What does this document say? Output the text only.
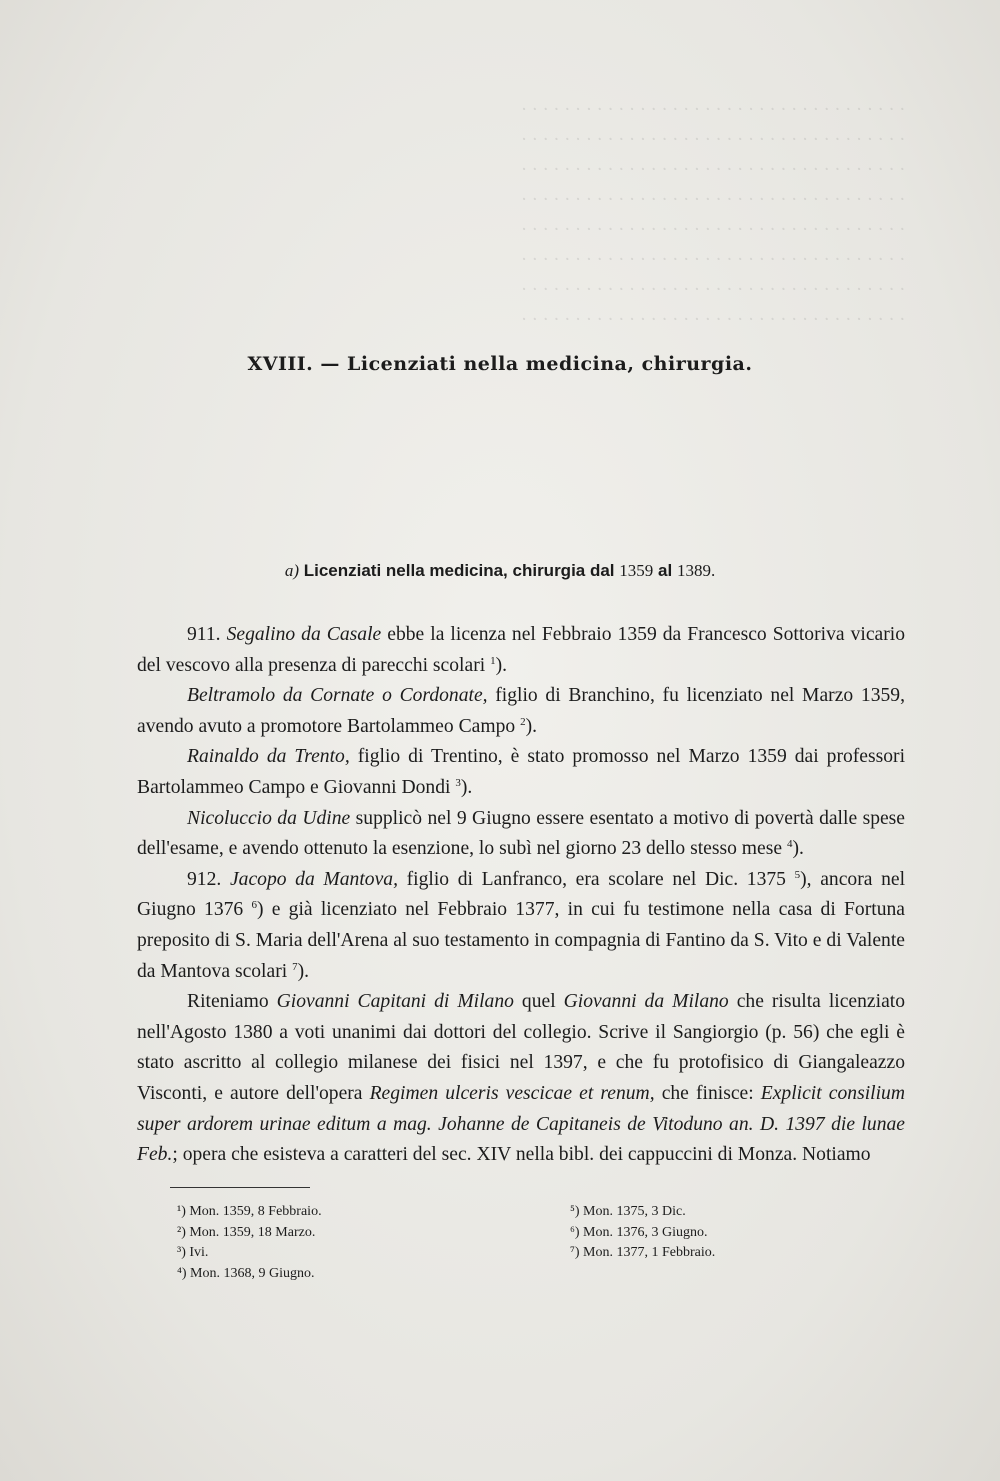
· · · · · · · · · · · · · · · · · · · · · · · · · · · · · · · · · · · ·
· · · · · · · · · · · · · · · · · · · · · · · · · · · · · · · · · · · ·
· · · · · · · · · · · · · · · · · · · · · · · · · · · · · · · · · · · ·
· · · · · · · · · · · · · · · · · · · · · · · · · · · · · · · · · · · ·
· · · · · · · · · · · · · · · · · · · · · · · · · · · · · · · · · · · ·
· · · · · · · · · · · · · · · · · · · · · · · · · · · · · · · · · · · ·
· · · · · · · · · · · · · · · · · · · · · · · · · · · · · · · · · · · ·
· · · · · · · · · · · · · · · · · · · · · · · · · · · · · · · · · · · ·
XVIII. — Licenziati nella medicina, chirurgia.
a) Licenziati nella medicina, chirurgia dal 1359 al 1389.

911. Segalino da Casale ebbe la licenza nel Febbraio 1359 da Francesco Sottoriva vicario del vescovo alla presenza di parecchi scolari $^1$).

Beltramolo da Cornate o Cordonate, figlio di Branchino, fu licenziato nel Marzo 1359, avendo avuto a promotore Bartolammeo Campo $^2$).

Rainaldo da Trento, figlio di Trentino, è stato promosso nel Marzo 1359 dai professori Bartolammeo Campo e Giovanni Dondi $^3$).

Nicoluccio da Udine supplicò nel 9 Giugno essere esentato a motivo di povertà dalle spese dell'esame, e avendo ottenuto la esenzione, lo subì nel giorno 23 dello stesso mese $^4$).

912. Jacopo da Mantova, figlio di Lanfranco, era scolare nel Dic. 1375 $^5$), ancora nel Giugno 1376 $^6$) e già licenziato nel Febbraio 1377, in cui fu testimone nella casa di Fortuna preposito di S. Maria dell'Arena al suo testamento in compagnia di Fantino da S. Vito e di Valente da Mantova scolari $^7$).

Riteniamo Giovanni Capitani di Milano quel Giovanni da Milano che risulta licenziato nell'Agosto 1380 a voti unanimi dai dottori del collegio. Scrive il Sangiorgio (p. 56) che egli è stato ascritto al collegio milanese dei fisici nel 1397, e che fu protofisico di Giangaleazzo Visconti, e autore dell'opera Regimen ulceris vescicae et renum, che finisce: Explicit consilium super ardorem urinae editum a mag. Johanne de Capitaneis de Vitoduno an. D. 1397 die lunae Feb.; opera che esisteva a caratteri del sec. XIV nella bibl. dei cappuccini di Monza. Notiamo

¹) Mon. 1359, 8 Febbraio.
²) Mon. 1359, 18 Marzo.
³) Ivi.
⁴) Mon. 1368, 9 Giugno.
⁵) Mon. 1375, 3 Dic.
⁶) Mon. 1376, 3 Giugno.
⁷) Mon. 1377, 1 Febbraio.
